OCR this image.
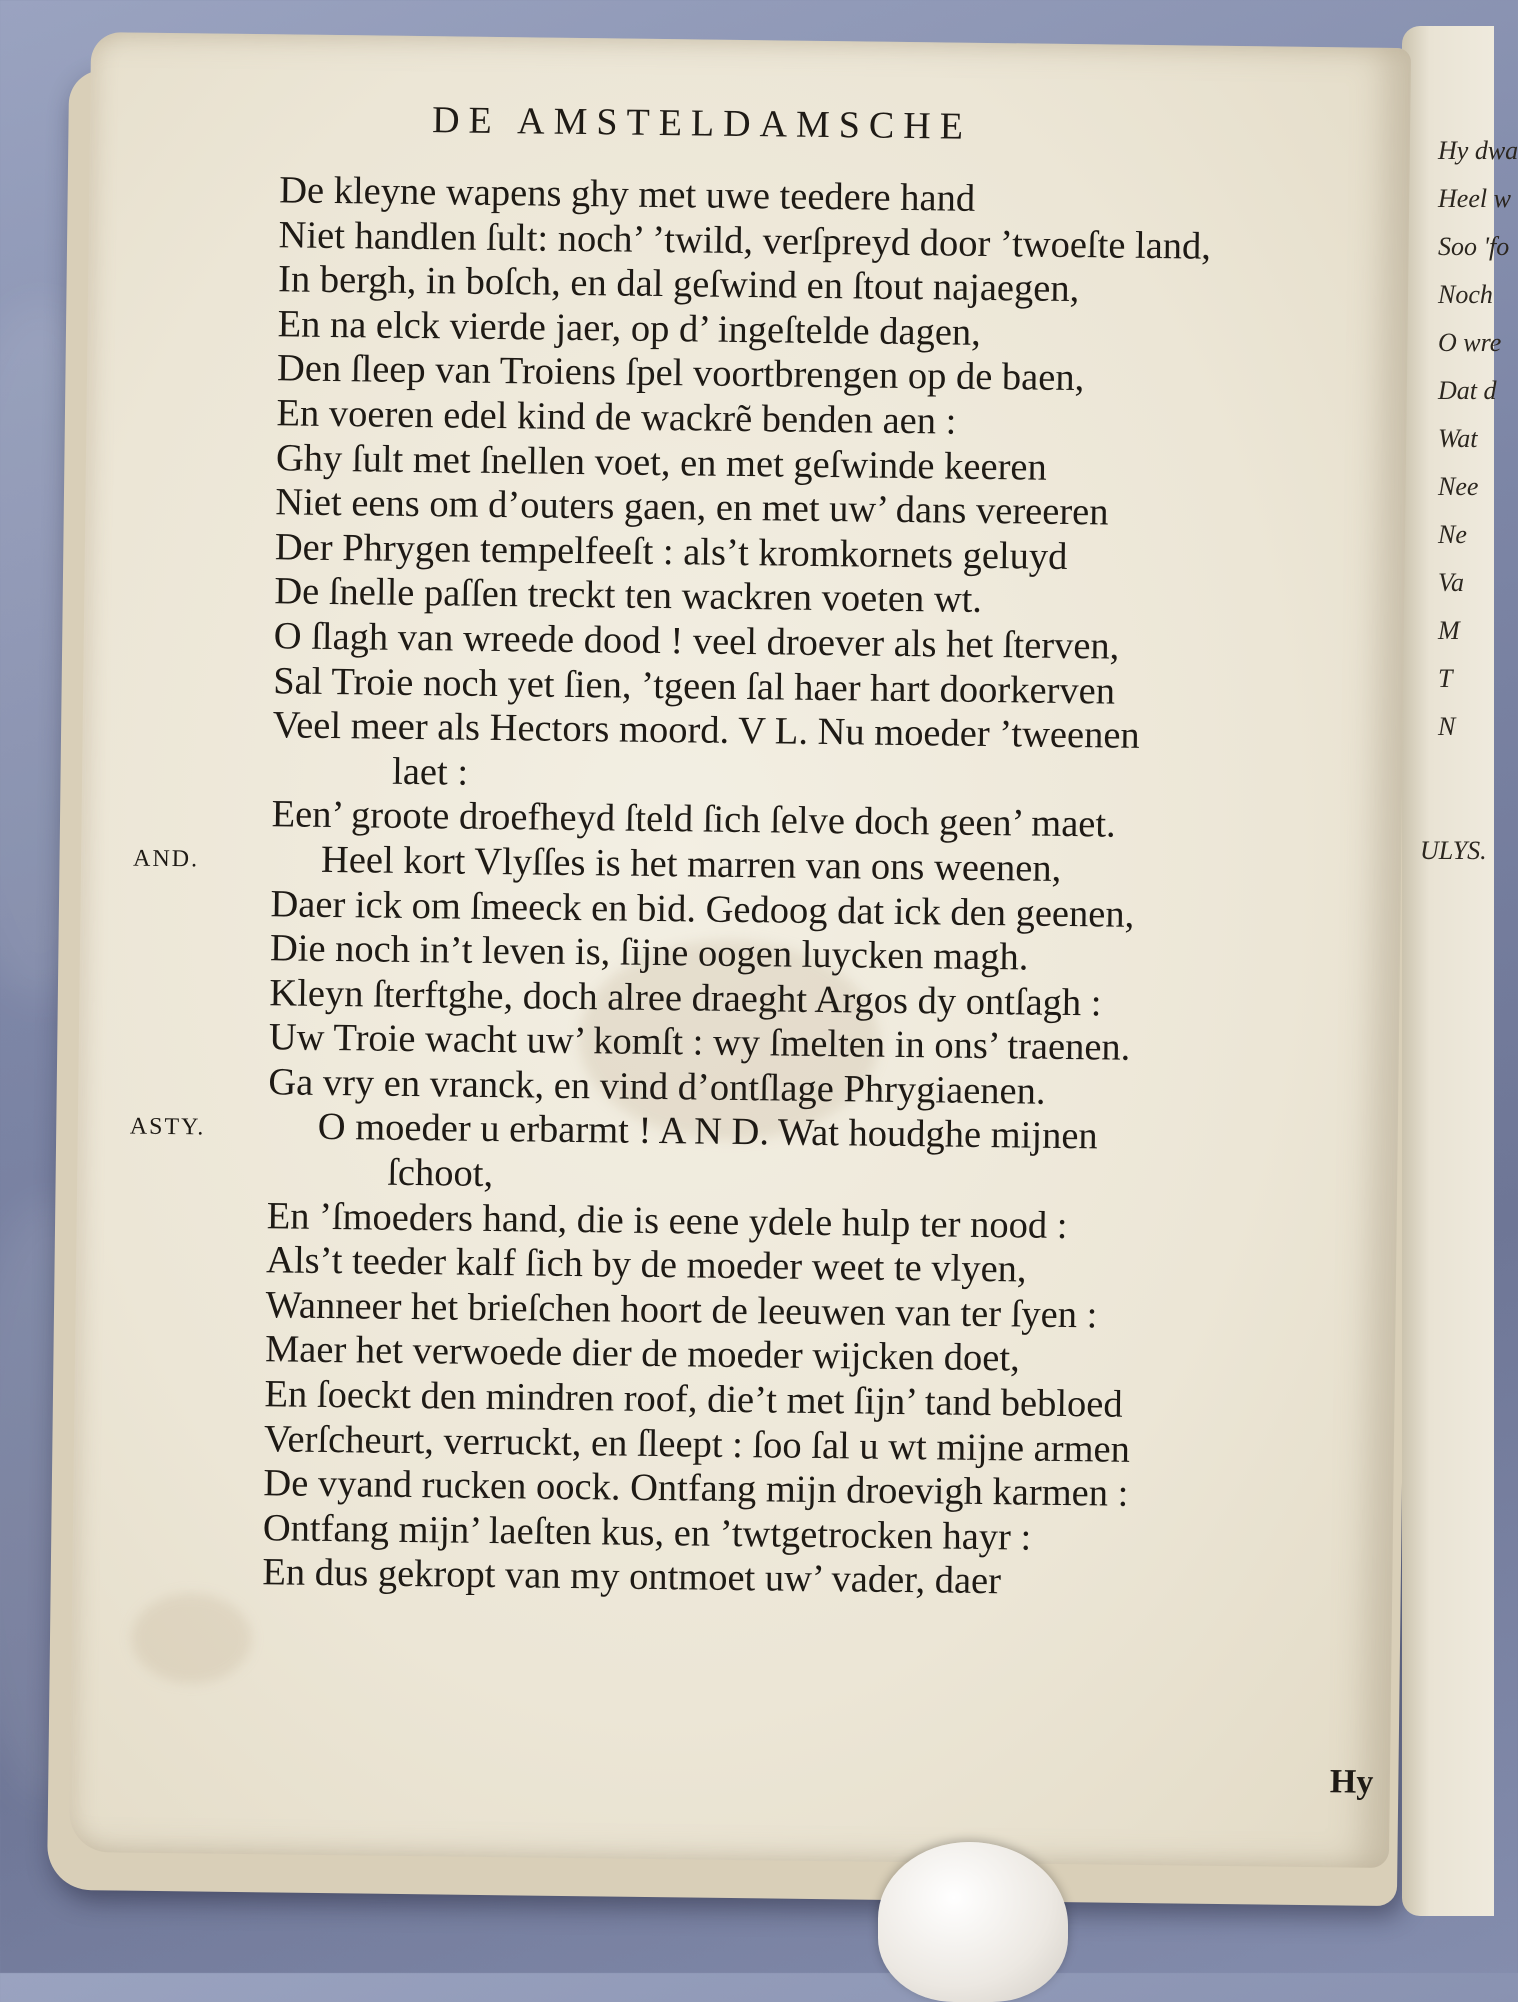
Hy dwa
Heel w
Soo 'fo
Noch
O wre
Dat d
Wat
Nee
Ne
Va
M
T
N
ULYS.
DE AMSTELDAMSCHE
De kleyne wapens ghy met uwe teedere hand
Niet handlen ſult: noch’ ’twild, verſpreyd door ’twoeſte land,
In bergh, in boſch, en dal geſwind en ſtout najaegen,
En na elck vierde jaer, op d’ ingeſtelde dagen,
Den ſleep van Troiens ſpel voortbrengen op de baen,
En voeren edel kind de wackrẽ benden aen :
Ghy ſult met ſnellen voet, en met geſwinde keeren
Niet eens om d’outers gaen, en met uw’ dans vereeren
Der Phrygen tempelfeeſt : als’t kromkornets geluyd
De ſnelle paſſen treckt ten wackren voeten wt.
O ſlagh van wreede dood ! veel droever als het ſterven,
Sal Troie noch yet ſien, ’tgeen ſal haer hart doorkerven
Veel meer als Hectors moord. V L. Nu moeder ’tweenen
laet :
Een’ groote droefheyd ſteld ſich ſelve doch geen’ maet.
Heel kort Vlyſſes is het marren van ons weenen,
Daer ick om ſmeeck en bid. Gedoog dat ick den geenen,
Die noch in’t leven is, ſijne oogen luycken magh.
Kleyn ſterftghe, doch alree draeght Argos dy ontſagh :
Uw Troie wacht uw’ komſt : wy ſmelten in ons’ traenen.
Ga vry en vranck, en vind d’ontſlage Phrygiaenen.
O moeder u erbarmt ! A N D. Wat houdghe mijnen
ſchoot,
En ’ſmoeders hand, die is eene ydele hulp ter nood :
Als’t teeder kalf ſich by de moeder weet te vlyen,
Wanneer het brieſchen hoort de leeuwen van ter ſyen :
Maer het verwoede dier de moeder wijcken doet,
En ſoeckt den mindren roof, die’t met ſijn’ tand bebloed
Verſcheurt, verruckt, en ſleept : ſoo ſal u wt mijne armen
De vyand rucken oock. Ontfang mijn droevigh karmen :
Ontfang mijn’ laeſten kus, en ’twtgetrocken hayr :
En dus gekropt van my ontmoet uw’ vader, daer
AND.
ASTY.
Hy
